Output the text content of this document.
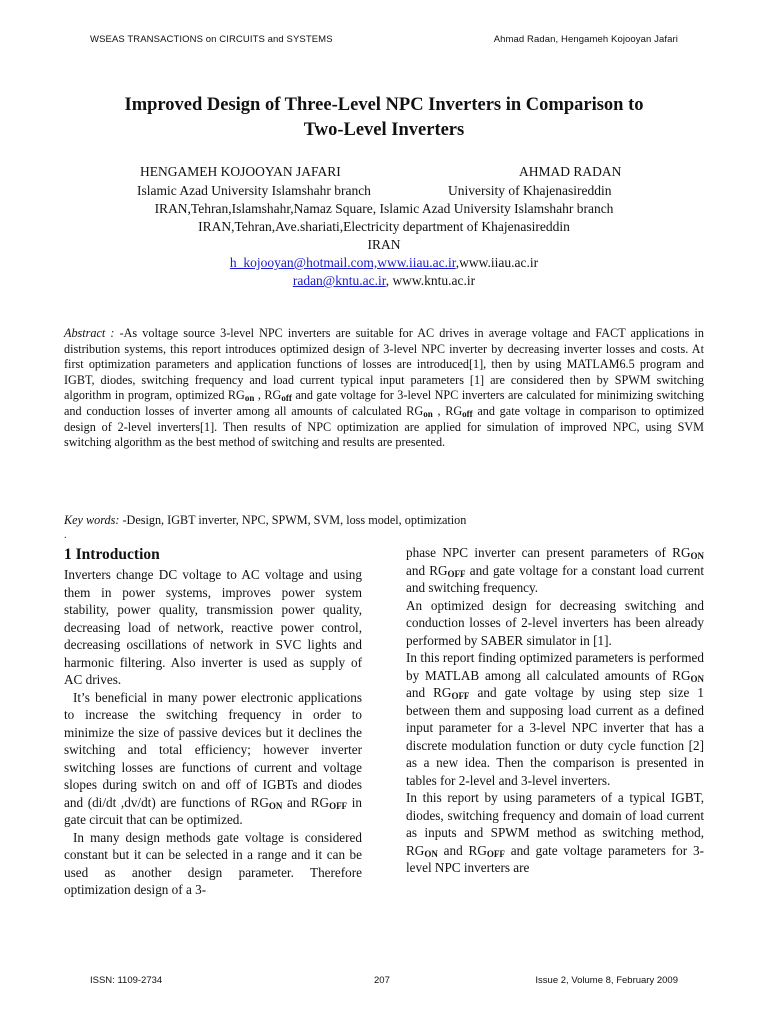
WSEAS TRANSACTIONS on CIRCUITS and SYSTEMS	Ahmad Radan, Hengameh Kojooyan Jafari
Improved Design of Three-Level NPC Inverters in Comparison to
Two-Level Inverters
HENGAMEH KOJOOYAN JAFARI	AHMAD RADAN
Islamic Azad University Islamshahr branch	University of Khajenasireddin
IRAN,Tehran,Islamshahr,Namaz Square, Islamic Azad University Islamshahr branch
IRAN,Tehran,Ave.shariati,Electricity department of Khajenasireddin
IRAN
h_kojooyan@hotmail.com,www.iiau.ac.ir,www.iiau.ac.ir
radan@kntu.ac.ir, www.kntu.ac.ir
Abstract : -As voltage source 3-level NPC inverters are suitable for AC drives in average voltage and FACT applications in distribution systems, this report introduces optimized design of 3-level NPC inverter by decreasing inverter losses and costs. At first optimization parameters and application functions of losses are introduced[1], then by using MATLAM6.5 program and IGBT, diodes, switching frequency and load current typical input parameters [1] are considered then by SPWM switching algorithm in program, optimized $RG_{on}$ , $RG_{off}$ and gate voltage for 3-level NPC inverters are calculated for minimizing switching and conduction losses of inverter among all amounts of calculated $RG_{on}$ , $RG_{off}$ and gate voltage in comparison to optimized design of 2-level inverters[1]. Then results of NPC optimization are applied for simulation of improved NPC, using SVM switching algorithm as the best method of switching and results are presented.
Key words: -Design, IGBT inverter, NPC, SPWM, SVM, loss model, optimization
.
1 Introduction

Inverters change DC voltage to AC voltage and using them in power systems, improves power system stability, power quality, transmission power quality, decreasing load of network, reactive power control, decreasing oscillations of network in SVC lights and harmonic filtering. Also inverter is used as supply of AC drives.

It’s beneficial in many power electronic applications to increase the switching frequency in order to minimize the size of passive devices but it declines the switching and total efficiency; however inverter switching losses are functions of current and voltage slopes during switch on and off of IGBTs and diodes and (di/dt ,dv/dt) are functions of $RG_{ON}$ and $RG_{OFF}$ in gate circuit that can be optimized.

In many design methods gate voltage is considered constant but it can be selected in a range and it can be used as another design parameter. Therefore optimization design of a 3-

phase NPC inverter can present parameters of $RG_{ON}$ and $RG_{OFF}$ and gate voltage for a constant load current and switching frequency.

An optimized design for decreasing switching and conduction losses of 2-level inverters has been already performed by SABER simulator in [1].

In this report finding optimized parameters is performed by MATLAB among all calculated amounts of $RG_{ON}$ and $RG_{OFF}$ and gate voltage by using step size 1 between them and supposing load current as a defined input parameter for a 3-level NPC inverter that has a discrete modulation function or duty cycle function [2] as a new idea. Then the comparison is presented in tables for 2-level and 3-level inverters.

In this report by using parameters of a typical IGBT, diodes, switching frequency and domain of load current as inputs and SPWM method as switching method, $RG_{ON}$ and $RG_{OFF}$ and gate voltage parameters for 3-level NPC inverters are

ISSN: 1109-2734	207	Issue 2, Volume 8, February 2009
